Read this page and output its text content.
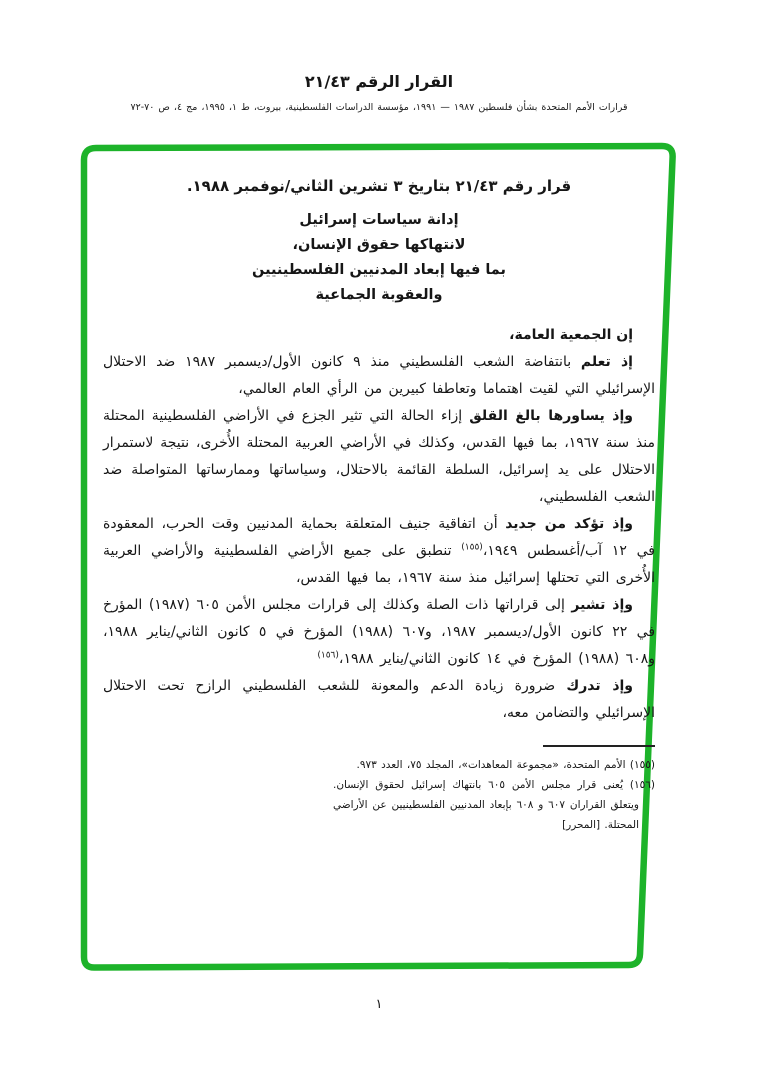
القرار الرقم ٢١/٤٣
قرارات الأمم المتحدة بشأن فلسطين ١٩٨٧ — ١٩٩١، مؤسسة الدراسات الفلسطينية، بيروت، ط ١، ١٩٩٥، مج ٤، ص ٧٠-٧٢
قرار رقم ٢١/٤٣ بتاريخ ٣ تشرين الثاني/نوفمبر ١٩٨٨.
إدانة سياسات إسرائيل
لانتهاكها حقوق الإنسان،
بما فيها إبعاد المدنيين الفلسطينيين
والعقوبة الجماعية

إن الجمعية العامة،

إذ تعلم بانتفاضة الشعب الفلسطيني منذ ٩ كانون الأول/ديسمبر ١٩٨٧ ضد الاحتلال الإسرائيلي التي لقيت اهتماما وتعاطفا كبيرين من الرأي العام العالمي،

وإذ يساورها بالغ القلق إزاء الحالة التي تثير الجزع في الأراضي الفلسطينية المحتلة منذ سنة ١٩٦٧، بما فيها القدس، وكذلك في الأراضي العربية المحتلة الأُخرى، نتيجة لاستمرار الاحتلال على يد إسرائيل، السلطة القائمة بالاحتلال، وسياساتها وممارساتها المتواصلة ضد الشعب الفلسطيني،

وإذ تؤكد من جديد أن اتفاقية جنيف المتعلقة بحماية المدنيين وقت الحرب، المعقودة في ١٢ آب/أغسطس ١٩٤٩،$^{(١٥٥)}$ تنطبق على جميع الأراضي الفلسطينية والأراضي العربية الأُخرى التي تحتلها إسرائيل منذ سنة ١٩٦٧، بما فيها القدس،

وإذ تشير إلى قراراتها ذات الصلة وكذلك إلى قرارات مجلس الأمن ٦٠٥ (١٩٨٧) المؤرخ في ٢٢ كانون الأول/ديسمبر ١٩٨٧، و٦٠٧ (١٩٨٨) المؤرخ في ٥ كانون الثاني/يناير ١٩٨٨، و٦٠٨ (١٩٨٨) المؤرخ في ١٤ كانون الثاني/يناير ١٩٨٨،$^{(١٥٦)}$

وإذ تدرك ضرورة زيادة الدعم والمعونة للشعب الفلسطيني الرازح تحت الاحتلال الإسرائيلي والتضامن معه،

(١٥٥) الأمم المتحدة، «مجموعة المعاهدات»، المجلد ٧٥، العدد ٩٧٣.

(١٥٦) يُعنى قرار مجلس الأمن ٦٠٥ بانتهاك إسرائيل لحقوق الإنسان. ويتعلق القراران ٦٠٧ و ٦٠٨ بإبعاد المدنيين الفلسطينيين عن الأراضي المحتلة. [المحرر]

١
